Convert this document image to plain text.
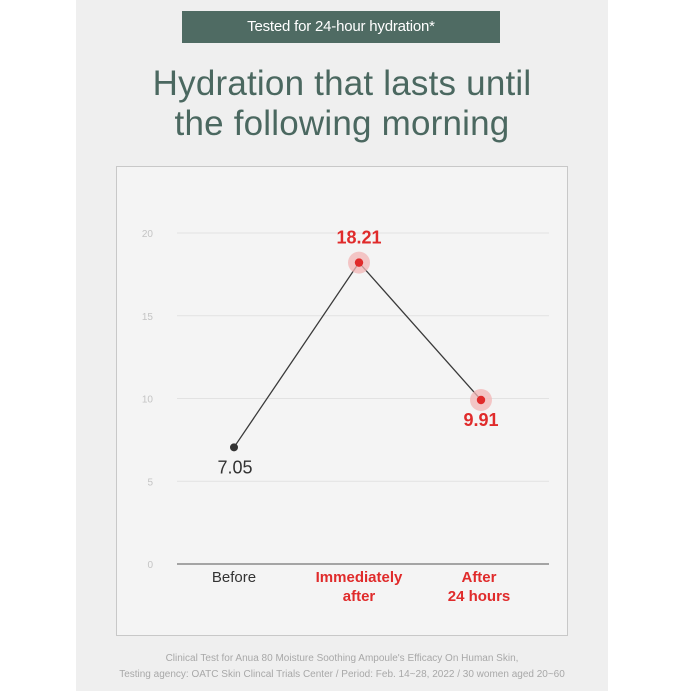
Tested for 24-hour hydration*
Hydration that lasts until
the following morning
0
5
10
15
20
7.05
18.21
9.91
Before	Immediately
after
After
24 hours
Clinical Test for Anua 80 Moisture Soothing Ampoule's Efficacy On Human Skin,
Testing agency: OATC Skin Clincal Trials Center / Period: Feb. 14~28, 2022 / 30 women aged 20~60
